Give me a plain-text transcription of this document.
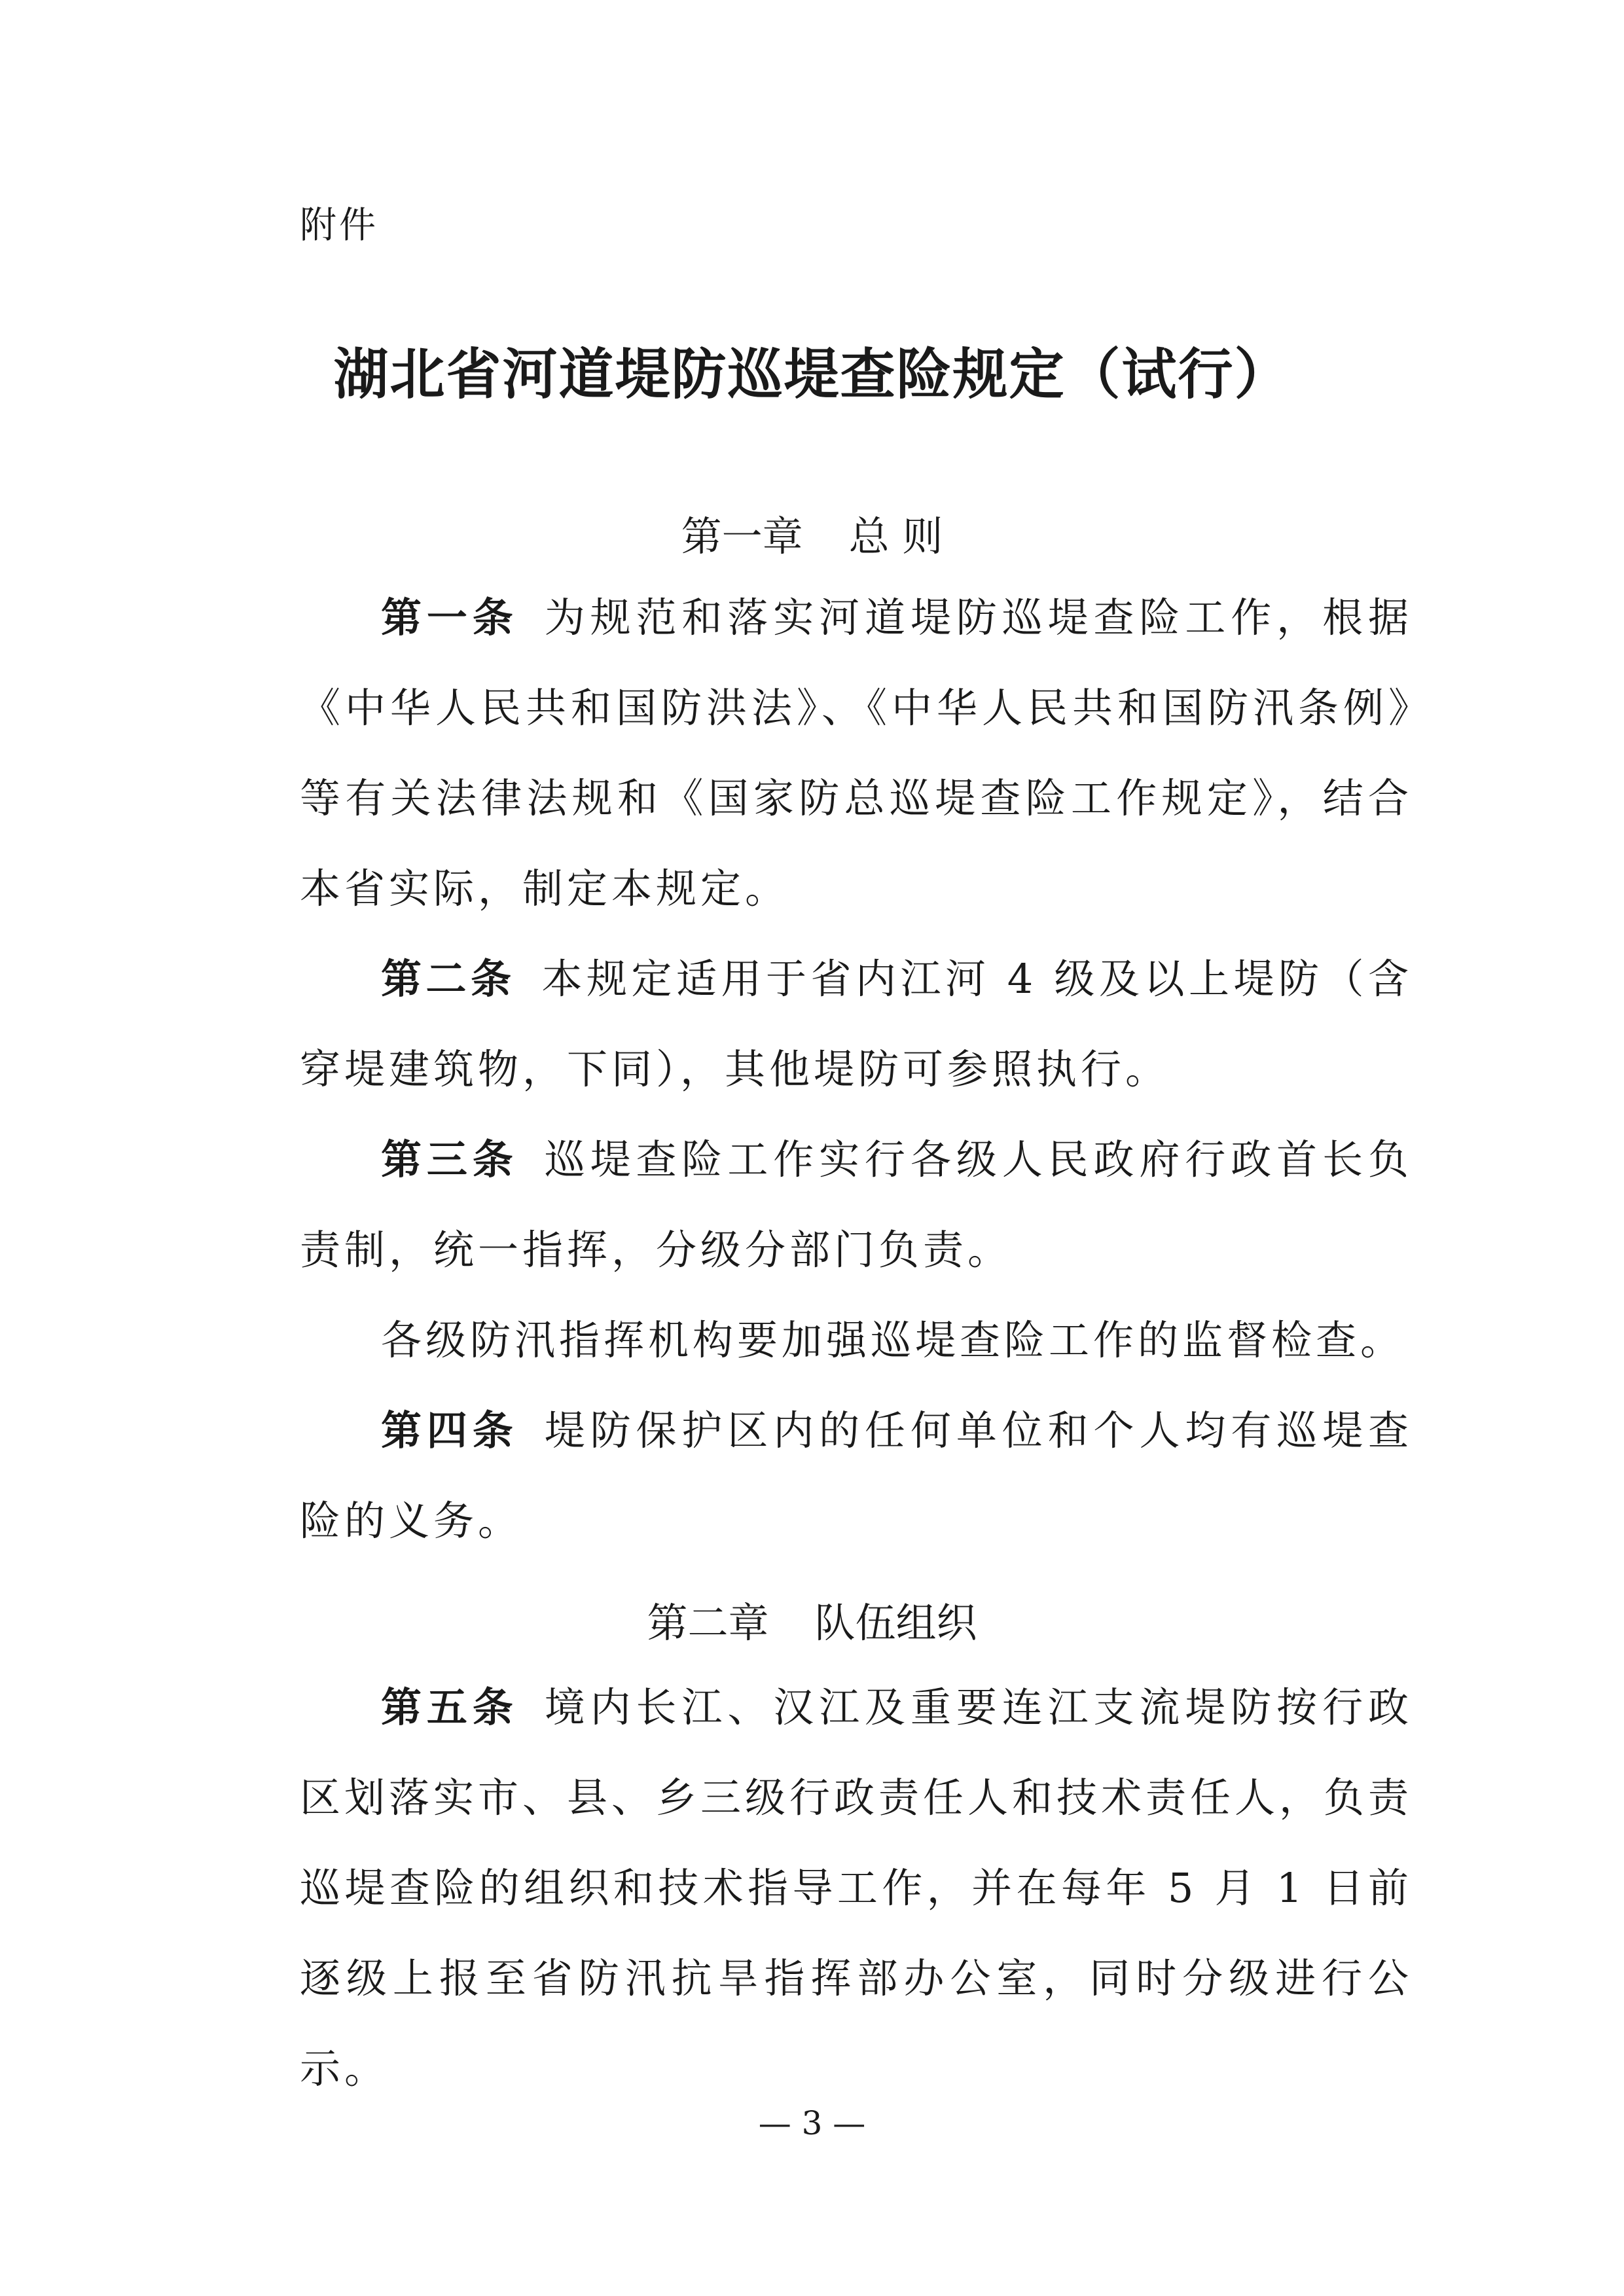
附件
湖北省河道堤防巡堤查险规定（试行）
第一章 总 则

第一条 为规范和落实河道堤防巡堤查险工作，根据《中华人民共和国防洪法》、《中华人民共和国防汛条例》等有关法律法规和《国家防总巡堤查险工作规定》，结合本省实际，制定本规定。

第二条 本规定适用于省内江河 4 级及以上堤防（含穿堤建筑物，下同），其他堤防可参照执行。

第三条 巡堤查险工作实行各级人民政府行政首长负责制，统一指挥，分级分部门负责。

各级防汛指挥机构要加强巡堤查险工作的监督检查。

第四条 堤防保护区内的任何单位和个人均有巡堤查险的义务。

第二章 队伍组织

第五条 境内长江、汉江及重要连江支流堤防按行政区划落实市、县、乡三级行政责任人和技术责任人，负责巡堤查险的组织和技术指导工作，并在每年 5 月 1 日前逐级上报至省防汛抗旱指挥部办公室，同时分级进行公示。

— 3 —
